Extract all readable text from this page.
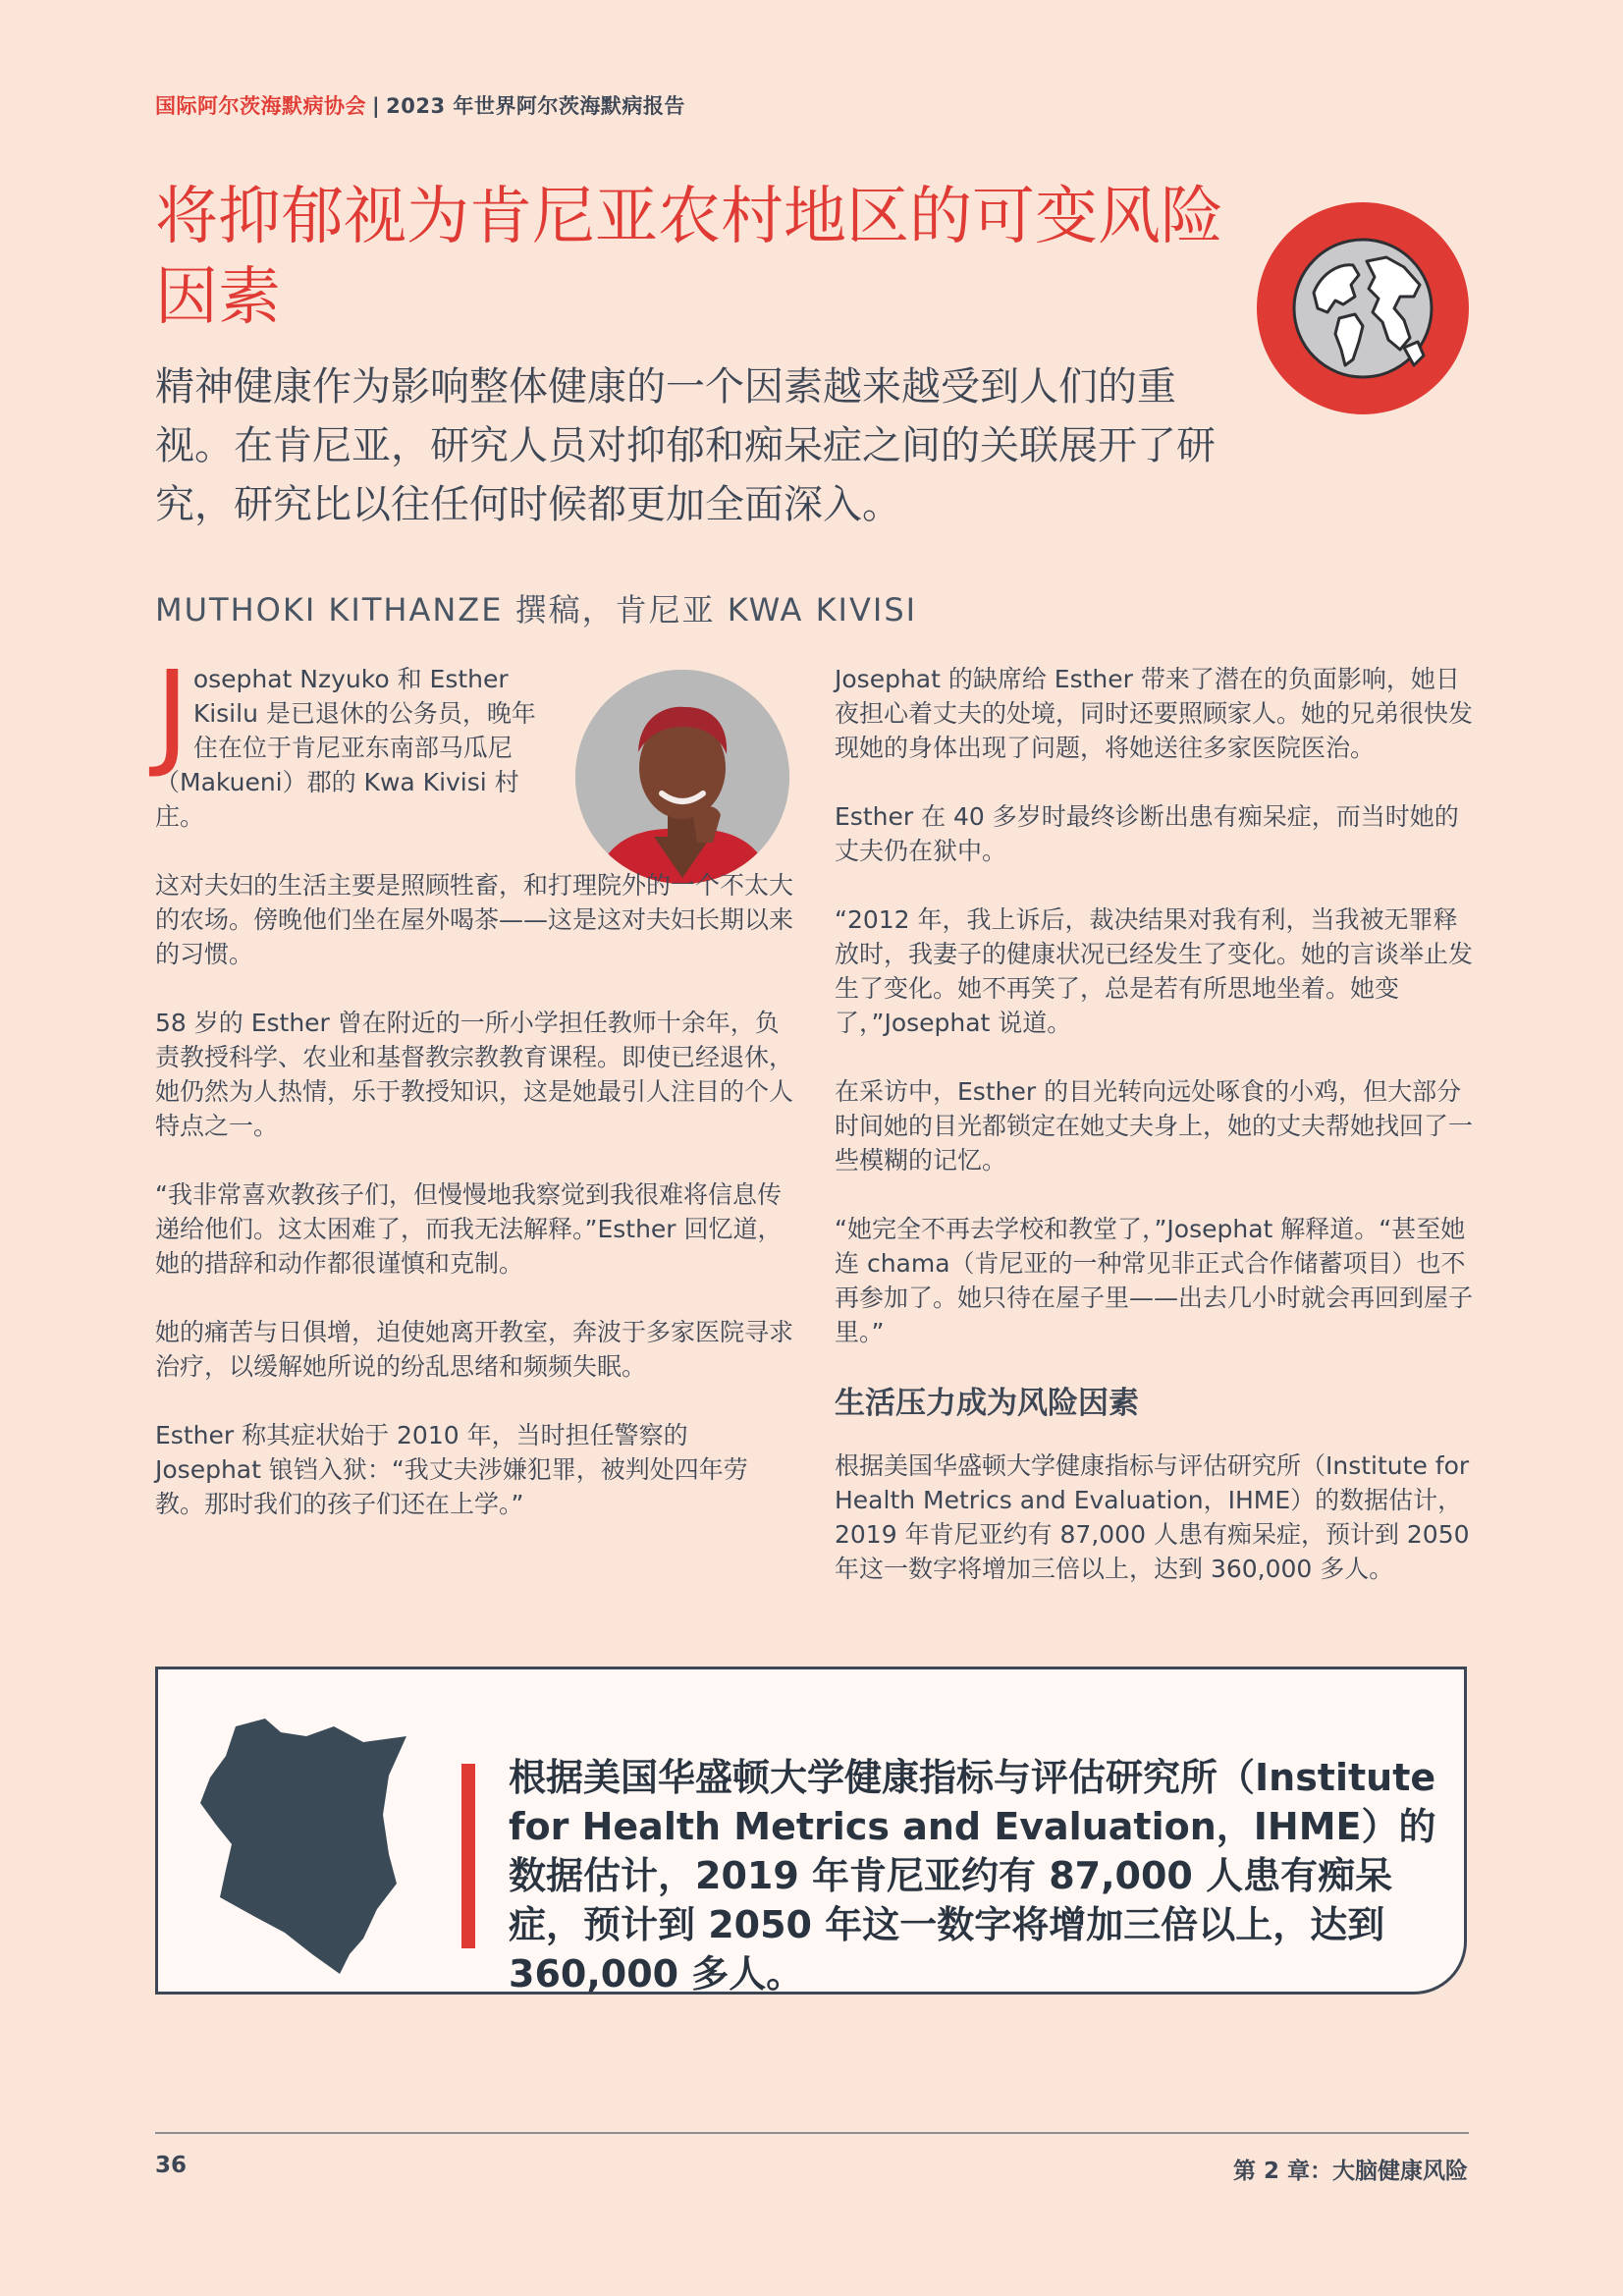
国际阿尔茨海默病协会 | 2023 年世界阿尔茨海默病报告
将抑郁视为肯尼亚农村地区的可变风险因素
精神健康作为影响整体健康的一个因素越来越受到人们的重视。在肯尼亚，研究人员对抑郁和痴呆症之间的关联展开了研究，研究比以往任何时候都更加全面深入。
MUTHOKI KITHANZE 撰稿，肯尼亚 KWA KIVISI

Josephat Nzyuko 和 Esther Kisilu 是已退休的公务员，晚年住在位于肯尼亚东南部马瓜尼（Makueni）郡的 Kwa Kivisi 村庄。

这对夫妇的生活主要是照顾牲畜，和打理院外的一个不太大的农场。傍晚他们坐在屋外喝茶——这是这对夫妇长期以来的习惯。

58 岁的 Esther 曾在附近的一所小学担任教师十余年，负责教授科学、农业和基督教宗教教育课程。即使已经退休，她仍然为人热情，乐于教授知识，这是她最引人注目的个人特点之一。

“我非常喜欢教孩子们，但慢慢地我察觉到我很难将信息传递给他们。这太困难了，而我无法解释。”Esther 回忆道，她的措辞和动作都很谨慎和克制。

她的痛苦与日俱增，迫使她离开教室，奔波于多家医院寻求治疗，以缓解她所说的纷乱思绪和频频失眠。

Esther 称其症状始于 2010 年，当时担任警察的 Josephat 锒铛入狱：“我丈夫涉嫌犯罪，被判处四年劳教。那时我们的孩子们还在上学。”

Josephat 的缺席给 Esther 带来了潜在的负面影响，她日夜担心着丈夫的处境，同时还要照顾家人。她的兄弟很快发现她的身体出现了问题，将她送往多家医院医治。

Esther 在 40 多岁时最终诊断出患有痴呆症，而当时她的丈夫仍在狱中。

“2012 年，我上诉后，裁决结果对我有利，当我被无罪释放时，我妻子的健康状况已经发生了变化。她的言谈举止发生了变化。她不再笑了，总是若有所思地坐着。她变了，”Josephat 说道。

在采访中，Esther 的目光转向远处啄食的小鸡，但大部分时间她的目光都锁定在她丈夫身上，她的丈夫帮她找回了一些模糊的记忆。

“她完全不再去学校和教堂了，”Josephat 解释道。“甚至她连 chama（肯尼亚的一种常见非正式合作储蓄项目）也不再参加了。她只待在屋子里——出去几小时就会再回到屋子里。”

生活压力成为风险因素

根据美国华盛顿大学健康指标与评估研究所（Institute for Health Metrics and Evaluation，IHME）的数据估计，2019 年肯尼亚约有 87,000 人患有痴呆症，预计到 2050 年这一数字将增加三倍以上，达到 360,000 多人。

根据美国华盛顿大学健康指标与评估研究所（Institute for Health Metrics and Evaluation，IHME）的数据估计，2019 年肯尼亚约有 87,000 人患有痴呆症，预计到 2050 年这一数字将增加三倍以上，达到 360,000 多人。
36	第 2 章：大脑健康风险
